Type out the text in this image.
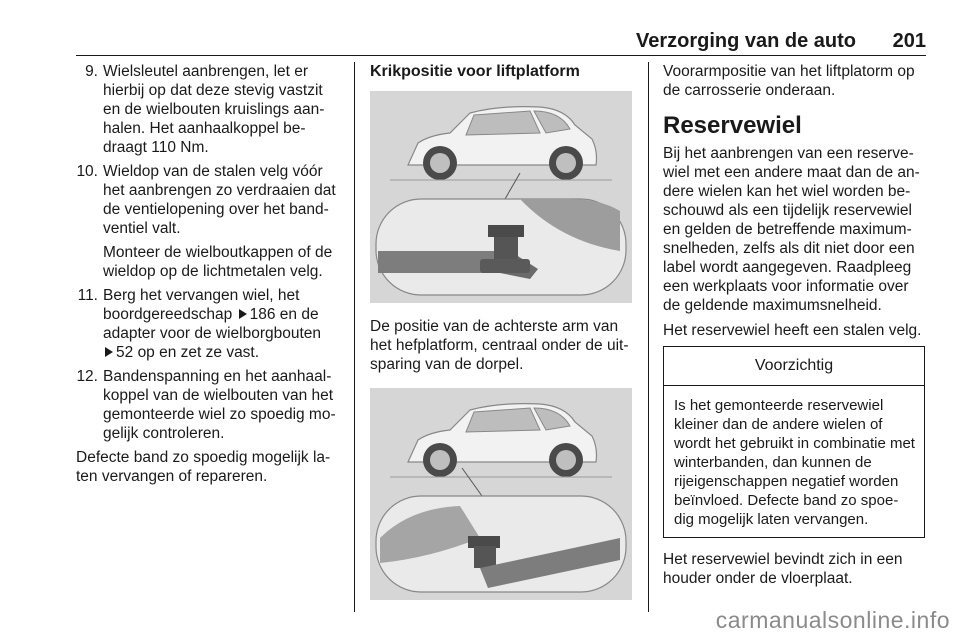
Verzorging van de auto 201
9. Wielsleutel aanbrengen, let er hierbij op dat deze stevig vastzit en de wielbouten kruislings aan-halen. Het aanhaalkoppel be-draagt 110 Nm.

10. Wieldop van de stalen velg vóór het aanbrengen zo verdraaien dat de ventielopening over het band-ventiel valt.

Monteer de wielboutkappen of de wieldop op de lichtmetalen velg.

11. Berg het vervangen wiel, het boordgereedschap 186 en de adapter voor de wielborgbouten
52 op en zet ze vast.

12. Bandenspanning en het aanhaal-koppel van de wielbouten van het gemonteerde wiel zo spoedig mo-gelijk controleren.

Defecte band zo spoedig mogelijk la-ten vervangen of repareren.

Krikpositie voor liftplatform

De positie van de achterste arm van het hefplatform, centraal onder de uit-sparing van de dorpel.

Voorarmpositie van het liftplatorm op de carrosserie onderaan.

Reservewiel

Bij het aanbrengen van een reserve-wiel met een andere maat dan de an-dere wielen kan het wiel worden be-schouwd als een tijdelijk reservewiel en gelden de betreffende maximum-snelheden, zelfs als dit niet door een label wordt aangegeven. Raadpleeg een werkplaats voor informatie over de geldende maximumsnelheid.

Het reservewiel heeft een stalen velg.

Voorzichtig
Is het gemonteerde reservewiel kleiner dan de andere wielen of wordt het gebruikt in combinatie met winterbanden, dan kunnen de rijeigenschappen negatief worden beïnvloed. Defecte band zo spoe-dig mogelijk laten vervangen.

Het reservewiel bevindt zich in een houder onder de vloerplaat.

carmanualsonline.info
